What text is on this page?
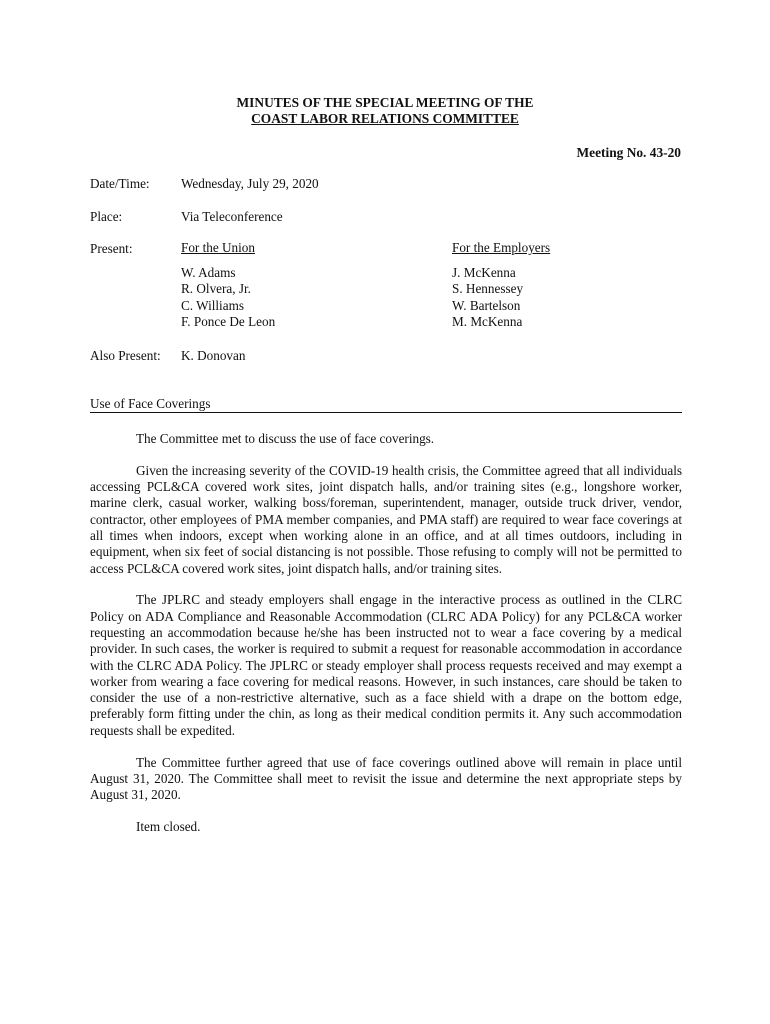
MINUTES OF THE SPECIAL MEETING OF THE
COAST LABOR RELATIONS COMMITTEE
Meeting No. 43-20
Date/Time: Wednesday, July 29, 2020
Place:	Via Teleconference
Present:	For the Union
W. Adams
R. Olvera, Jr.
C. Williams
F. Ponce De Leon
For the Employers
J. McKenna
S. Hennessey
W. Bartelson
M. McKenna
Also Present: K. Donovan
Use of Face Coverings

The Committee met to discuss the use of face coverings.

Given the increasing severity of the COVID-19 health crisis, the Committee agreed that all individuals accessing PCL&CA covered work sites, joint dispatch halls, and/or training sites (e.g., longshore worker, marine clerk, casual worker, walking boss/foreman, superintendent, manager, outside truck driver, vendor, contractor, other employees of PMA member companies, and PMA staff) are required to wear face coverings at all times when indoors, except when working alone in an office, and at all times outdoors, including in equipment, when six feet of social distancing is not possible. Those refusing to comply will not be permitted to access PCL&CA covered work sites, joint dispatch halls, and/or training sites.

The JPLRC and steady employers shall engage in the interactive process as outlined in the CLRC Policy on ADA Compliance and Reasonable Accommodation (CLRC ADA Policy) for any PCL&CA worker requesting an accommodation because he/she has been instructed not to wear a face covering by a medical provider. In such cases, the worker is required to submit a request for reasonable accommodation in accordance with the CLRC ADA Policy. The JPLRC or steady employer shall process requests received and may exempt a worker from wearing a face covering for medical reasons. However, in such instances, care should be taken to consider the use of a non-restrictive alternative, such as a face shield with a drape on the bottom edge, preferably form fitting under the chin, as long as their medical condition permits it. Any such accommodation requests shall be expedited.

The Committee further agreed that use of face coverings outlined above will remain in place until August 31, 2020. The Committee shall meet to revisit the issue and determine the next appropriate steps by August 31, 2020.

Item closed.
